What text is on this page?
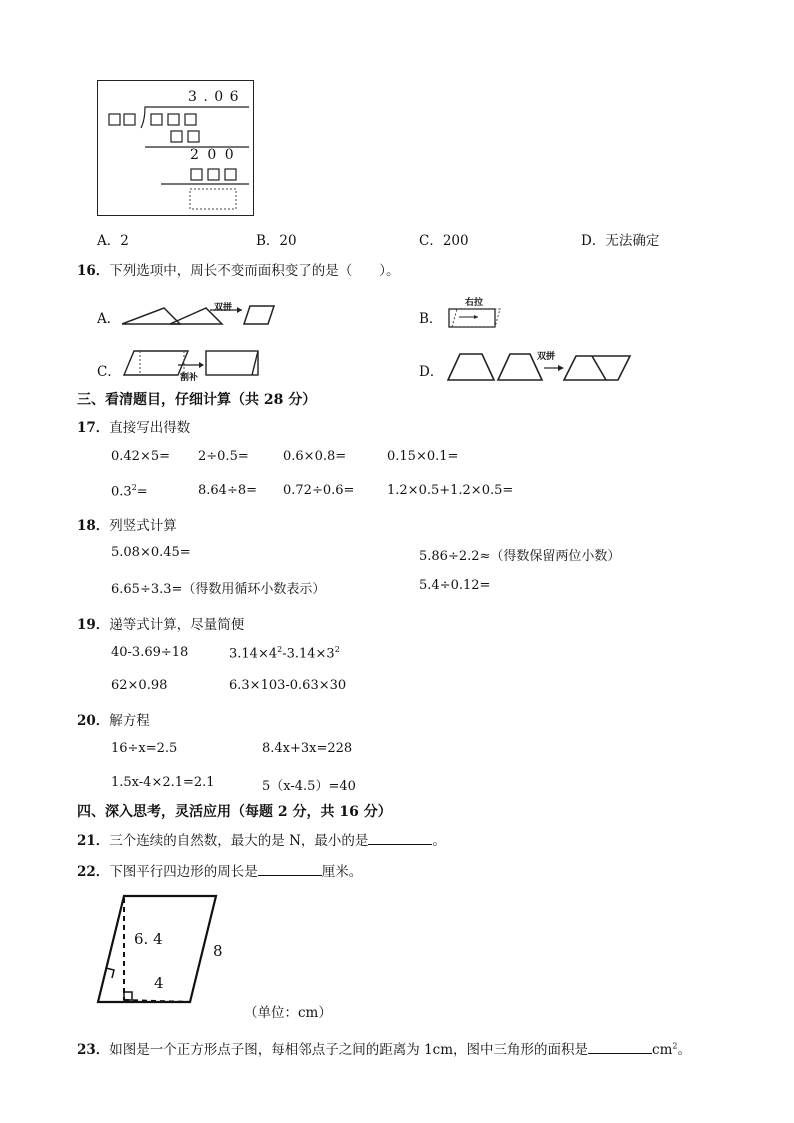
3 . 0 6
2 0 0
A．2	B．20	C．200	D．无法确定
16．下列选项中，周长不变而面积变了的是（　　）。
A．
双拼
B．
右拉
C．	割补	D．
双拼
三、看清题目，仔细计算（共 28 分）
17．直接写出得数
0.42×5= 2÷0.5=	0.6×0.8=	0.15×0.1=
$0.3^2=$	8.64÷8= 0.72÷0.6=	1.2×0.5+1.2×0.5=
18．列竖式计算
5.08×0.45=	5.86÷2.2≈（得数保留两位小数）
6.65÷3.3=（得数用循环小数表示）	5.4÷0.12=
19．递等式计算，尽量简便
40-3.69÷18	$3.14\times 4^2-3.14\times 3^2$
62×0.98	6.3×103-0.63×30
20．解方程
16÷x=2.5	8.4x+3x=228
1.5x-4×2.1=2.1	5（x-4.5）=40
四、深入思考，灵活应用（每题 2 分，共 16 分）
21．三个连续的自然数，最大的是 N，最小的是	。
22．下图平行四边形的周长是	厘米。
6. 4
4
8
（单位：cm）
23．如图是一个正方形点子图，每相邻点子之间的距离为 1cm，图中三角形的面积是	$cm^2$。
